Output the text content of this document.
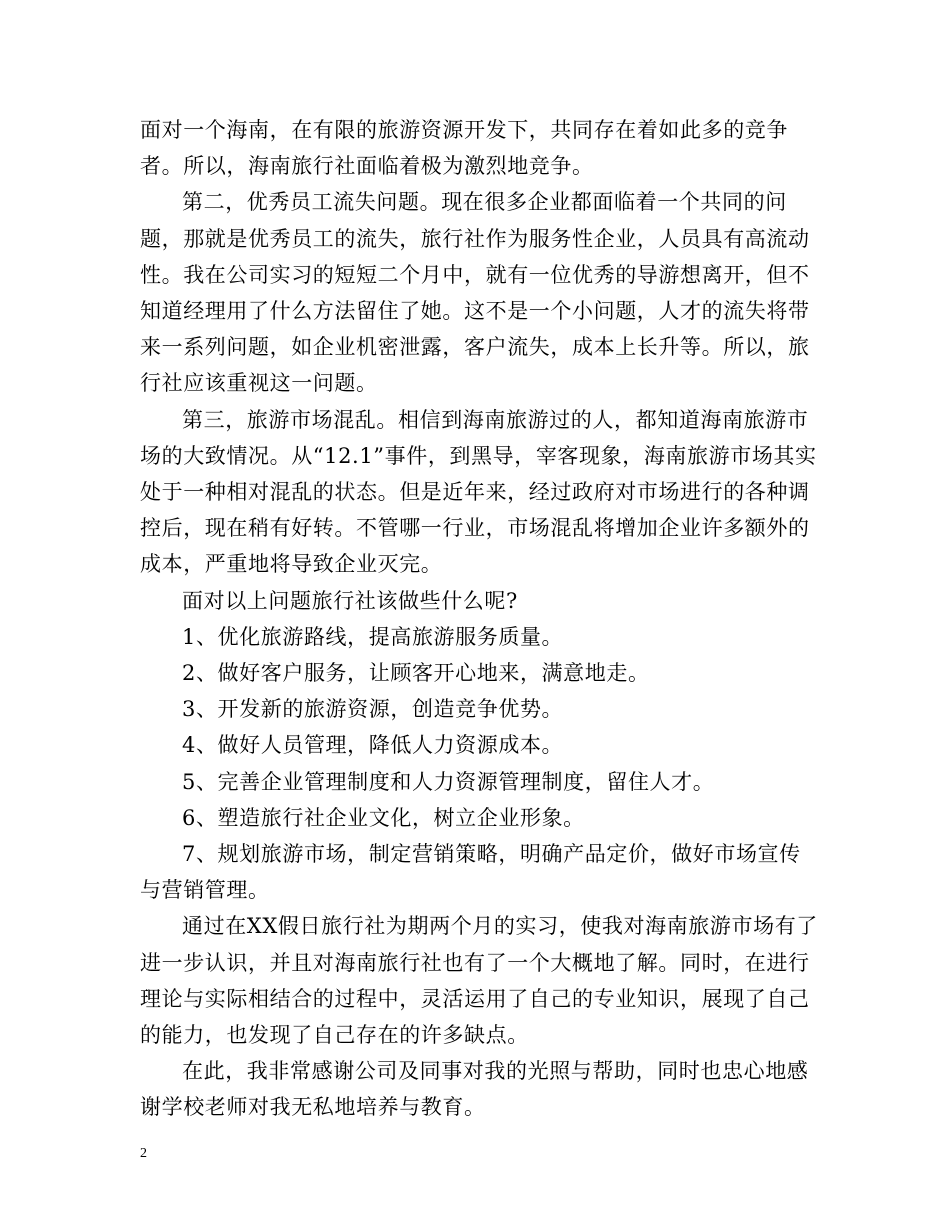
面对一个海南，在有限的旅游资源开发下，共同存在着如此多的竞争者。所以，海南旅行社面临着极为激烈地竞争。

第二，优秀员工流失问题。现在很多企业都面临着一个共同的问题，那就是优秀员工的流失，旅行社作为服务性企业，人员具有高流动性。我在公司实习的短短二个月中，就有一位优秀的导游想离开，但不知道经理用了什么方法留住了她。这不是一个小问题，人才的流失将带来一系列问题，如企业机密泄露，客户流失，成本上长升等。所以，旅行社应该重视这一问题。

第三，旅游市场混乱。相信到海南旅游过的人，都知道海南旅游市场的大致情况。从“12.1”事件，到黑导，宰客现象，海南旅游市场其实处于一种相对混乱的状态。但是近年来，经过政府对市场进行的各种调控后，现在稍有好转。不管哪一行业，市场混乱将增加企业许多额外的成本，严重地将导致企业灭完。

面对以上问题旅行社该做些什么呢?

1、优化旅游路线，提高旅游服务质量。

2、做好客户服务，让顾客开心地来，满意地走。

3、开发新的旅游资源，创造竞争优势。

4、做好人员管理，降低人力资源成本。

5、完善企业管理制度和人力资源管理制度，留住人才。

6、塑造旅行社企业文化，树立企业形象。

7、规划旅游市场，制定营销策略，明确产品定价，做好市场宣传与营销管理。

通过在XX假日旅行社为期两个月的实习，使我对海南旅游市场有了进一步认识，并且对海南旅行社也有了一个大概地了解。同时，在进行理论与实际相结合的过程中，灵活运用了自己的专业知识，展现了自己的能力，也发现了自己存在的许多缺点。

在此，我非常感谢公司及同事对我的光照与帮助，同时也忠心地感谢学校老师对我无私地培养与教育。

2
